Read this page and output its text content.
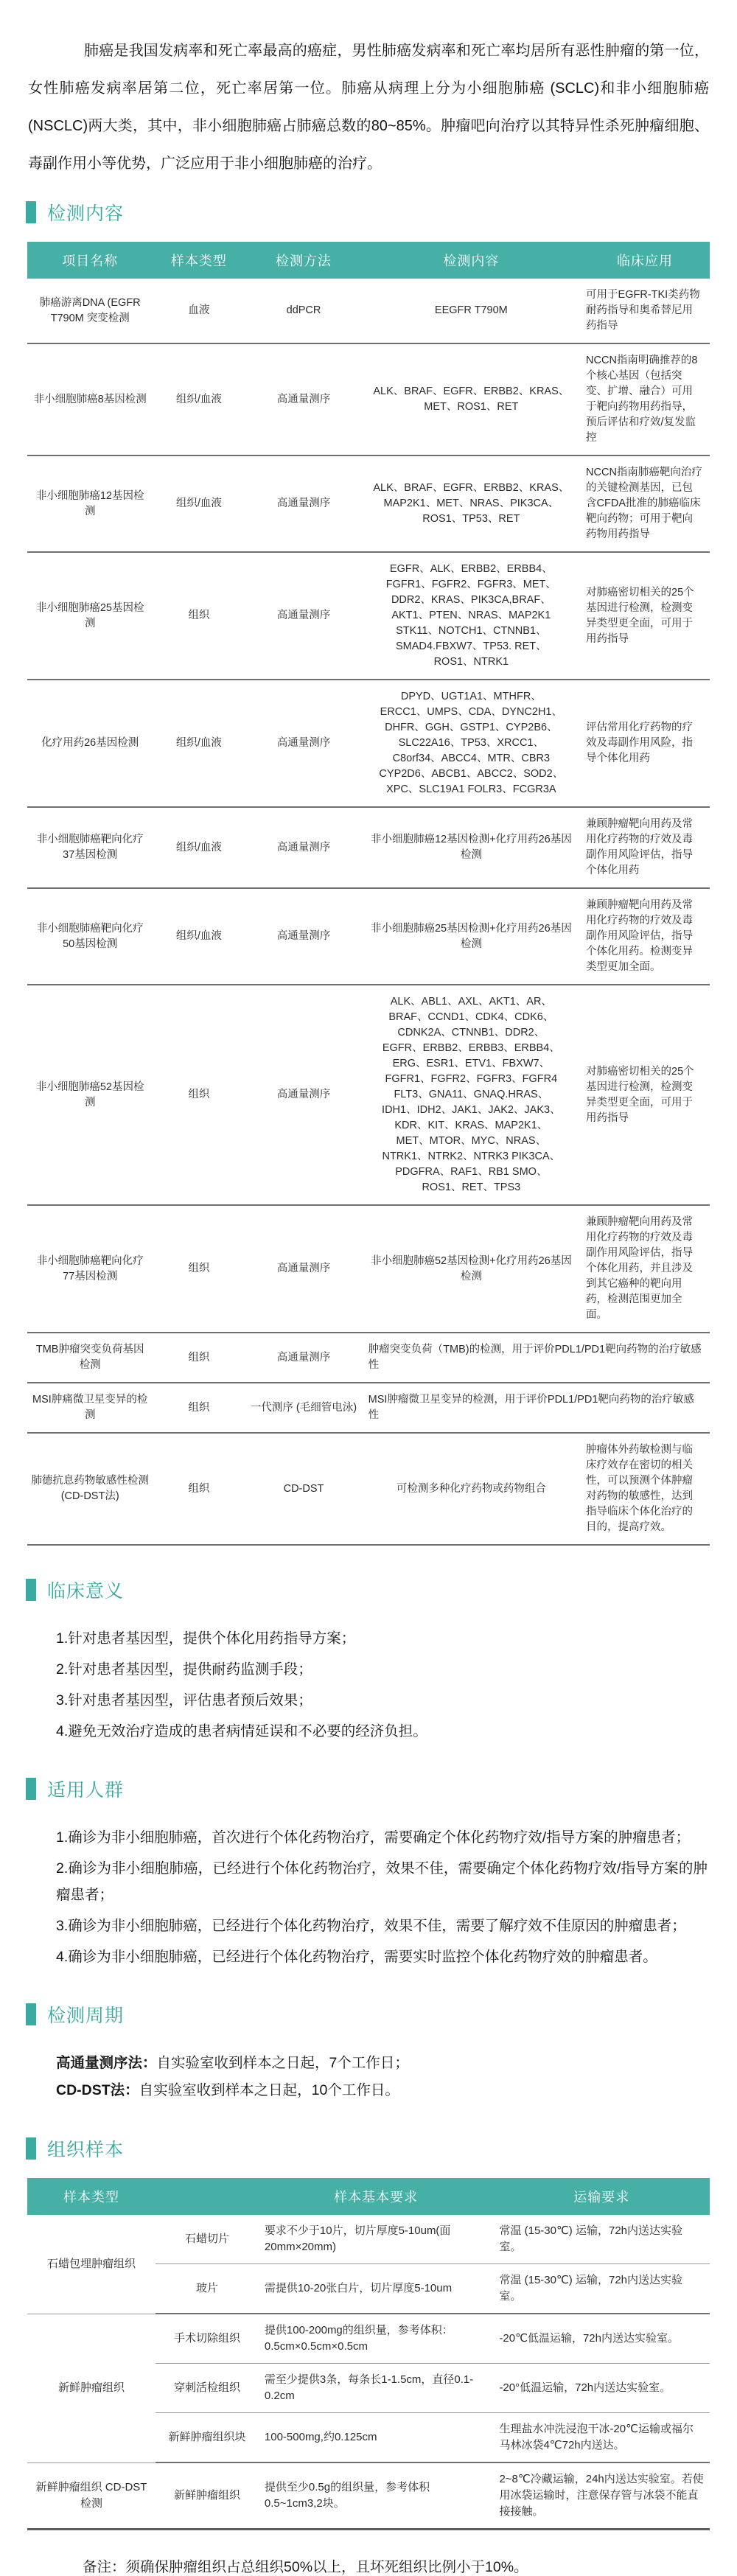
肺癌是我国发病率和死亡率最高的癌症，男性肺癌发病率和死亡率均居所有恶性肿瘤的第一位，女性肺癌发病率居第二位，死亡率居第一位。肺癌从病理上分为小细胞肺癌 (SCLC)和非小细胞肺癌 (NSCLC)两大类，其中，非小细胞肺癌占肺癌总数的80~85%。肿瘤吧向治疗以其特异性杀死肿瘤细胞、毒副作用小等优势，广泛应用于非小细胞肺癌的治疗。

检测内容
项目名称	样本类型	检测方法	检测内容	临床应用
肺癌游离DNA (EGFR T790M 突变检测	血液	ddPCR	EEGFR T790M	可用于EGFR-TKI类药物耐药指导和奥希替尼用药指导
非小细胞肺癌8基因检测	组织/血液	高通量测序	ALK、BRAF、EGFR、ERBB2、KRAS、MET、ROS1、RET	NCCN指南明确推荐的8个核心基因（包括突变、扩增、融合）可用于靶向药物用药指导，预后评估和疗效/复发监控
非小细胞肺癌12基因检测	组织/血液	高通量测序	ALK、BRAF、EGFR、ERBB2、KRAS、MAP2K1、MET、NRAS、PIK3CA、ROS1、TP53、RET	NCCN指南肺癌靶向治疗的关键检测基因，已包含CFDA批准的肺癌临床靶向药物；可用于靶向药物用药指导
非小细胞肺癌25基因检测	组织	高通量测序	EGFR、ALK、ERBB2、ERBB4、FGFR1、FGFR2、FGFR3、MET、DDR2、KRAS、PIK3CA,BRAF、AKT1、PTEN、NRAS、MAP2K1 STK11、NOTCH1、CTNNB1、SMAD4.FBXW7、TP53. RET、ROS1、NTRK1	对肺癌密切相关的25个基因进行检测，检测变异类型更全面，可用于用药指导
化疗用药26基因检测	组织/血液	高通量测序	DPYD、UGT1A1、MTHFR、ERCC1、UMPS、CDA、DYNC2H1、DHFR、GGH、GSTP1、CYP2B6、SLC22A16、TP53、XRCC1、C8orf34、ABCC4、MTR、CBR3 CYP2D6、ABCB1、ABCC2、SOD2、XPC、SLC19A1 FOLR3、FCGR3A	评估常用化疗药物的疗效及毒副作用风险，指导个体化用药
非小细胞肺癌靶向化疗37基因检测	组织/血液	高通量测序	非小细胞肺癌12基因检测+化疗用药26基因检测	兼顾肿瘤靶向用药及常用化疗药物的疗效及毒副作用风险评估，指导个体化用药
非小细胞肺癌靶向化疗50基因检测	组织/血液	高通量测序	非小细胞肺癌25基因检测+化疗用药26基因检测	兼顾肿瘤靶向用药及常用化疗药物的疗效及毒副作用风险评估，指导个体化用药。检测变异类型更加全面。
非小细胞肺癌52基因检测	组织	高通量测序	ALK、ABL1、AXL、AKT1、AR、BRAF、CCND1、CDK4、CDK6、CDNK2A、CTNNB1、DDR2、EGFR、ERBB2、ERBB3、ERBB4、ERG、ESR1、ETV1、FBXW7、FGFR1、FGFR2、FGFR3、FGFR4 FLT3、GNA11、GNAQ.HRAS、IDH1、IDH2、JAK1、JAK2、JAK3、KDR、KIT、KRAS、MAP2K1、MET、MTOR、MYC、NRAS、NTRK1、NTRK2、NTRK3 PIK3CA、PDGFRA、RAF1、RB1 SMO、ROS1、RET、TPS3	对肺癌密切相关的25个基因进行检测，检测变异类型更全面，可用于用药指导
非小细胞肺癌靶向化疗77基因检测	组织	高通量测序	非小细胞肺癌52基因检测+化疗用药26基因检测	兼顾肿瘤靶向用药及常用化疗药物的疗效及毒副作用风险评估，指导个体化用药，并且涉及到其它癌种的靶向用药，检测范围更加全面。
TMB肿瘤突变负荷基因检测	组织	高通量测序	肿瘤突变负荷（TMB)的检测，用于评价PDL1/PD1靶向药物的治疗敏感性	
MSI肿痛微卫星变异的检测	组织	一代测序 (毛细管电泳)	MSI肿瘤微卫星变异的检测，用于评价PDL1/PD1靶向药物的治疗敏感性	
肺德抗息药物敏感性检测 (CD-DST法)	组织	CD-DST	可检测多种化疗药物或药物组合	肿瘤体外药敏检测与临床疗效存在密切的相关性，可以预测个体肿瘤对药物的敏感性，达到指导临床个体化治疗的目的，提高疗效。
临床意义
1.针对患者基因型，提供个体化用药指导方案；
2.针对患者基因型，提供耐药监测手段；
3.针对患者基因型，评估患者预后效果；
4.避免无效治疗造成的患者病情延误和不必要的经济负担。
适用人群
1.确诊为非小细胞肺癌，首次进行个体化药物治疗，需要确定个体化药物疗效/指导方案的肿瘤患者；
2.确诊为非小细胞肺癌，已经进行个体化药物治疗，效果不佳，需要确定个体化药物疗效/指导方案的肿瘤患者；
3.确诊为非小细胞肺癌，已经进行个体化药物治疗，效果不佳，需要了解疗效不佳原因的肿瘤患者；
4.确诊为非小细胞肺癌，已经进行个体化药物治疗，需要实时监控个体化药物疗效的肿瘤患者。
检测周期
高通量测序法：自实验室收到样本之日起，7个工作日；
CD-DST法：自实验室收到样本之日起，10个工作日。
组织样本
样本类型		样本基本要求	运输要求
石蜡包埋肿瘤组织	石蜡切片	要求不少于10片，切片厚度5-10um(面20mm×20mm)	常温 (15-30℃) 运输，72h内送达实验室。
	玻片	需提供10-20张白片，切片厚度5-10um	常温 (15-30℃) 运输，72h内送达实验室。
新鲜肿瘤组织	手术切除组织	提供100-200mg的组织量，参考体积：0.5cm×0.5cm×0.5cm	-20℃低温运输，72h内送达实验室。
	穿刺活检组织	需至少提供3条，每条长1-1.5cm，直径0.1-0.2cm	-20°低温运输，72h内送达实验室。
	新鲜肿瘤组织块	100-500mg,约0.125cm	生理盐水冲洗浸泡干冰-20℃运输或福尔马林冰袋4℃72h内送达。
新鲜肿瘤组织 CD-DST检测	新鲜肿瘤组织	提供至少0.5g的组织量，参考体积0.5~1cm3,2块。	2~8℃冷藏运输，24h内送达实验室。若使用冰袋运输时，注意保存管与冰袋不能直接接触。

备注：须确保肿瘤组织占总组织50%以上，且坏死组织比例小于10%。
